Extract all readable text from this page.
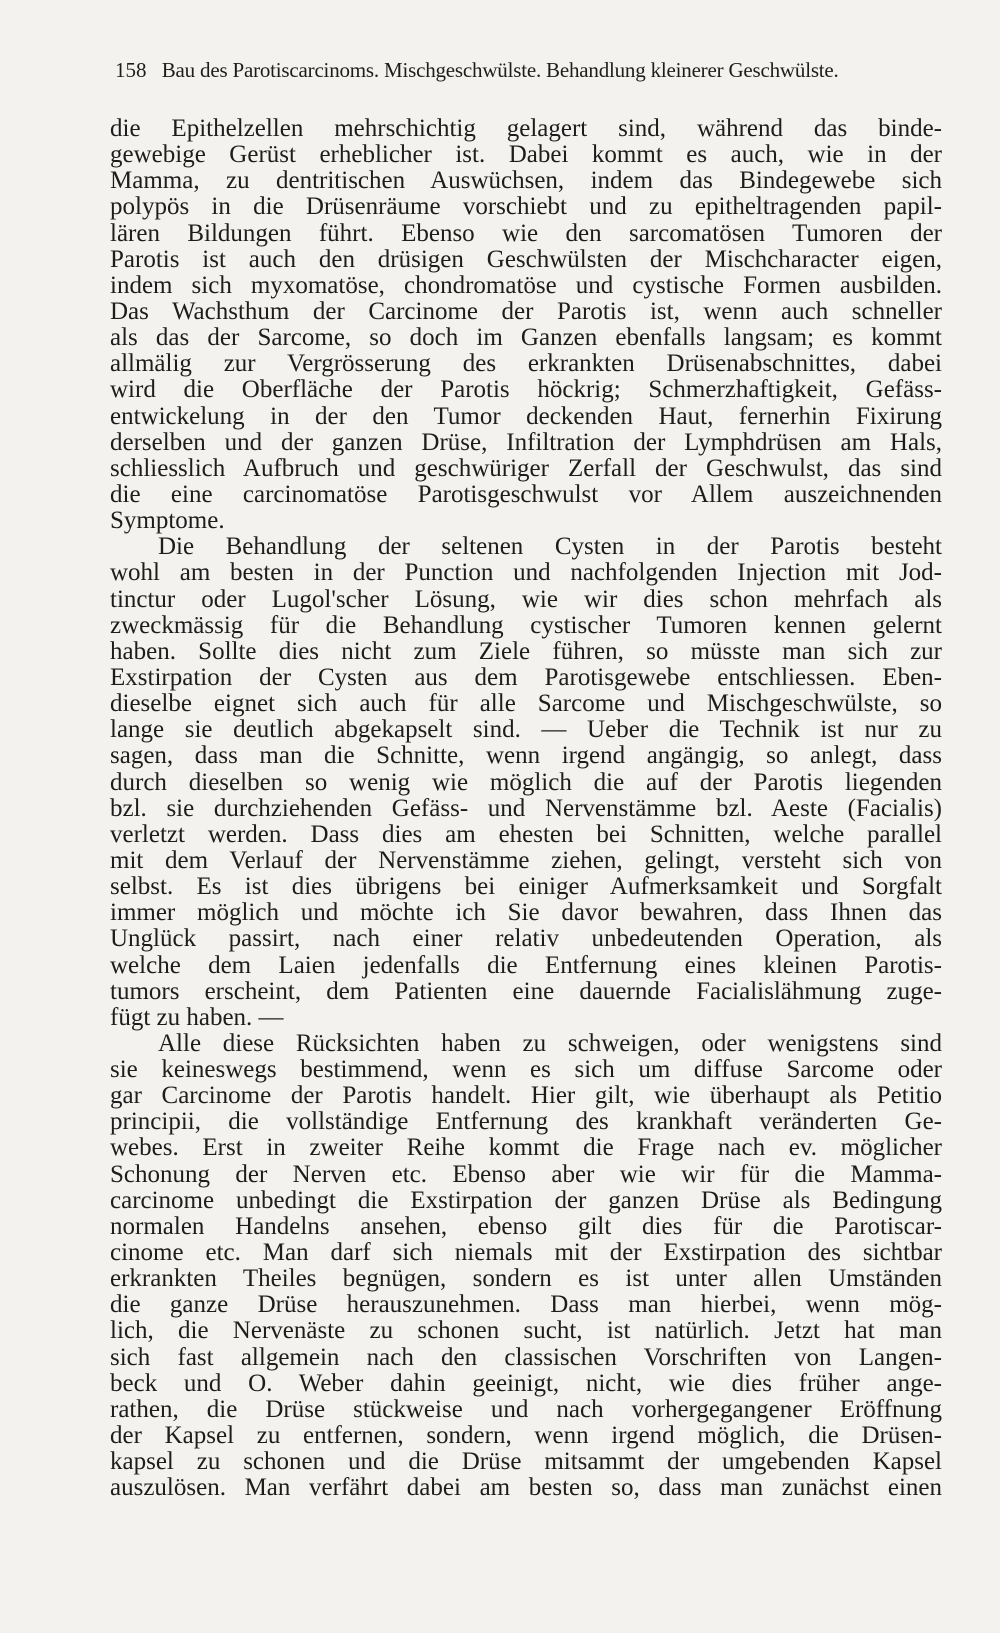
158 Bau des Parotiscarcinoms. Mischgeschwülste. Behandlung kleinerer Geschwülste.
die Epithelzellen mehrschichtig gelagert sind, während das binde-
gewebige Gerüst erheblicher ist. Dabei kommt es auch, wie in der
Mamma, zu dentritischen Auswüchsen, indem das Bindegewebe sich
polypös in die Drüsenräume vorschiebt und zu epitheltragenden papil-
lären Bildungen führt. Ebenso wie den sarcomatösen Tumoren der
Parotis ist auch den drüsigen Geschwülsten der Mischcharacter eigen,
indem sich myxomatöse, chondromatöse und cystische Formen ausbilden.
Das Wachsthum der Carcinome der Parotis ist, wenn auch schneller
als das der Sarcome, so doch im Ganzen ebenfalls langsam; es kommt
allmälig zur Vergrösserung des erkrankten Drüsenabschnittes, dabei
wird die Oberfläche der Parotis höckrig; Schmerzhaftigkeit, Gefäss-
entwickelung in der den Tumor deckenden Haut, fernerhin Fixirung
derselben und der ganzen Drüse, Infiltration der Lymphdrüsen am Hals,
schliesslich Aufbruch und geschwüriger Zerfall der Geschwulst, das sind
die eine carcinomatöse Parotisgeschwulst vor Allem auszeichnenden
Symptome.
Die Behandlung der seltenen Cysten in der Parotis besteht
wohl am besten in der Punction und nachfolgenden Injection mit Jod-
tinctur oder Lugol'scher Lösung, wie wir dies schon mehrfach als
zweckmässig für die Behandlung cystischer Tumoren kennen gelernt
haben. Sollte dies nicht zum Ziele führen, so müsste man sich zur
Exstirpation der Cysten aus dem Parotisgewebe entschliessen. Eben-
dieselbe eignet sich auch für alle Sarcome und Mischgeschwülste, so
lange sie deutlich abgekapselt sind. — Ueber die Technik ist nur zu
sagen, dass man die Schnitte, wenn irgend angängig, so anlegt, dass
durch dieselben so wenig wie möglich die auf der Parotis liegenden
bzl. sie durchziehenden Gefäss- und Nervenstämme bzl. Aeste (Facialis)
verletzt werden. Dass dies am ehesten bei Schnitten, welche parallel
mit dem Verlauf der Nervenstämme ziehen, gelingt, versteht sich von
selbst. Es ist dies übrigens bei einiger Aufmerksamkeit und Sorgfalt
immer möglich und möchte ich Sie davor bewahren, dass Ihnen das
Unglück passirt, nach einer relativ unbedeutenden Operation, als
welche dem Laien jedenfalls die Entfernung eines kleinen Parotis-
tumors erscheint, dem Patienten eine dauernde Facialislähmung zuge-
fügt zu haben. —
Alle diese Rücksichten haben zu schweigen, oder wenigstens sind
sie keineswegs bestimmend, wenn es sich um diffuse Sarcome oder
gar Carcinome der Parotis handelt. Hier gilt, wie überhaupt als Petitio
principii, die vollständige Entfernung des krankhaft veränderten Ge-
webes. Erst in zweiter Reihe kommt die Frage nach ev. möglicher
Schonung der Nerven etc. Ebenso aber wie wir für die Mamma-
carcinome unbedingt die Exstirpation der ganzen Drüse als Bedingung
normalen Handelns ansehen, ebenso gilt dies für die Parotiscar-
cinome etc. Man darf sich niemals mit der Exstirpation des sichtbar
erkrankten Theiles begnügen, sondern es ist unter allen Umständen
die ganze Drüse herauszunehmen. Dass man hierbei, wenn mög-
lich, die Nervenäste zu schonen sucht, ist natürlich. Jetzt hat man
sich fast allgemein nach den classischen Vorschriften von Langen-
beck und O. Weber dahin geeinigt, nicht, wie dies früher ange-
rathen, die Drüse stückweise und nach vorhergegangener Eröffnung
der Kapsel zu entfernen, sondern, wenn irgend möglich, die Drüsen-
kapsel zu schonen und die Drüse mitsammt der umgebenden Kapsel
auszulösen. Man verfährt dabei am besten so, dass man zunächst einen
